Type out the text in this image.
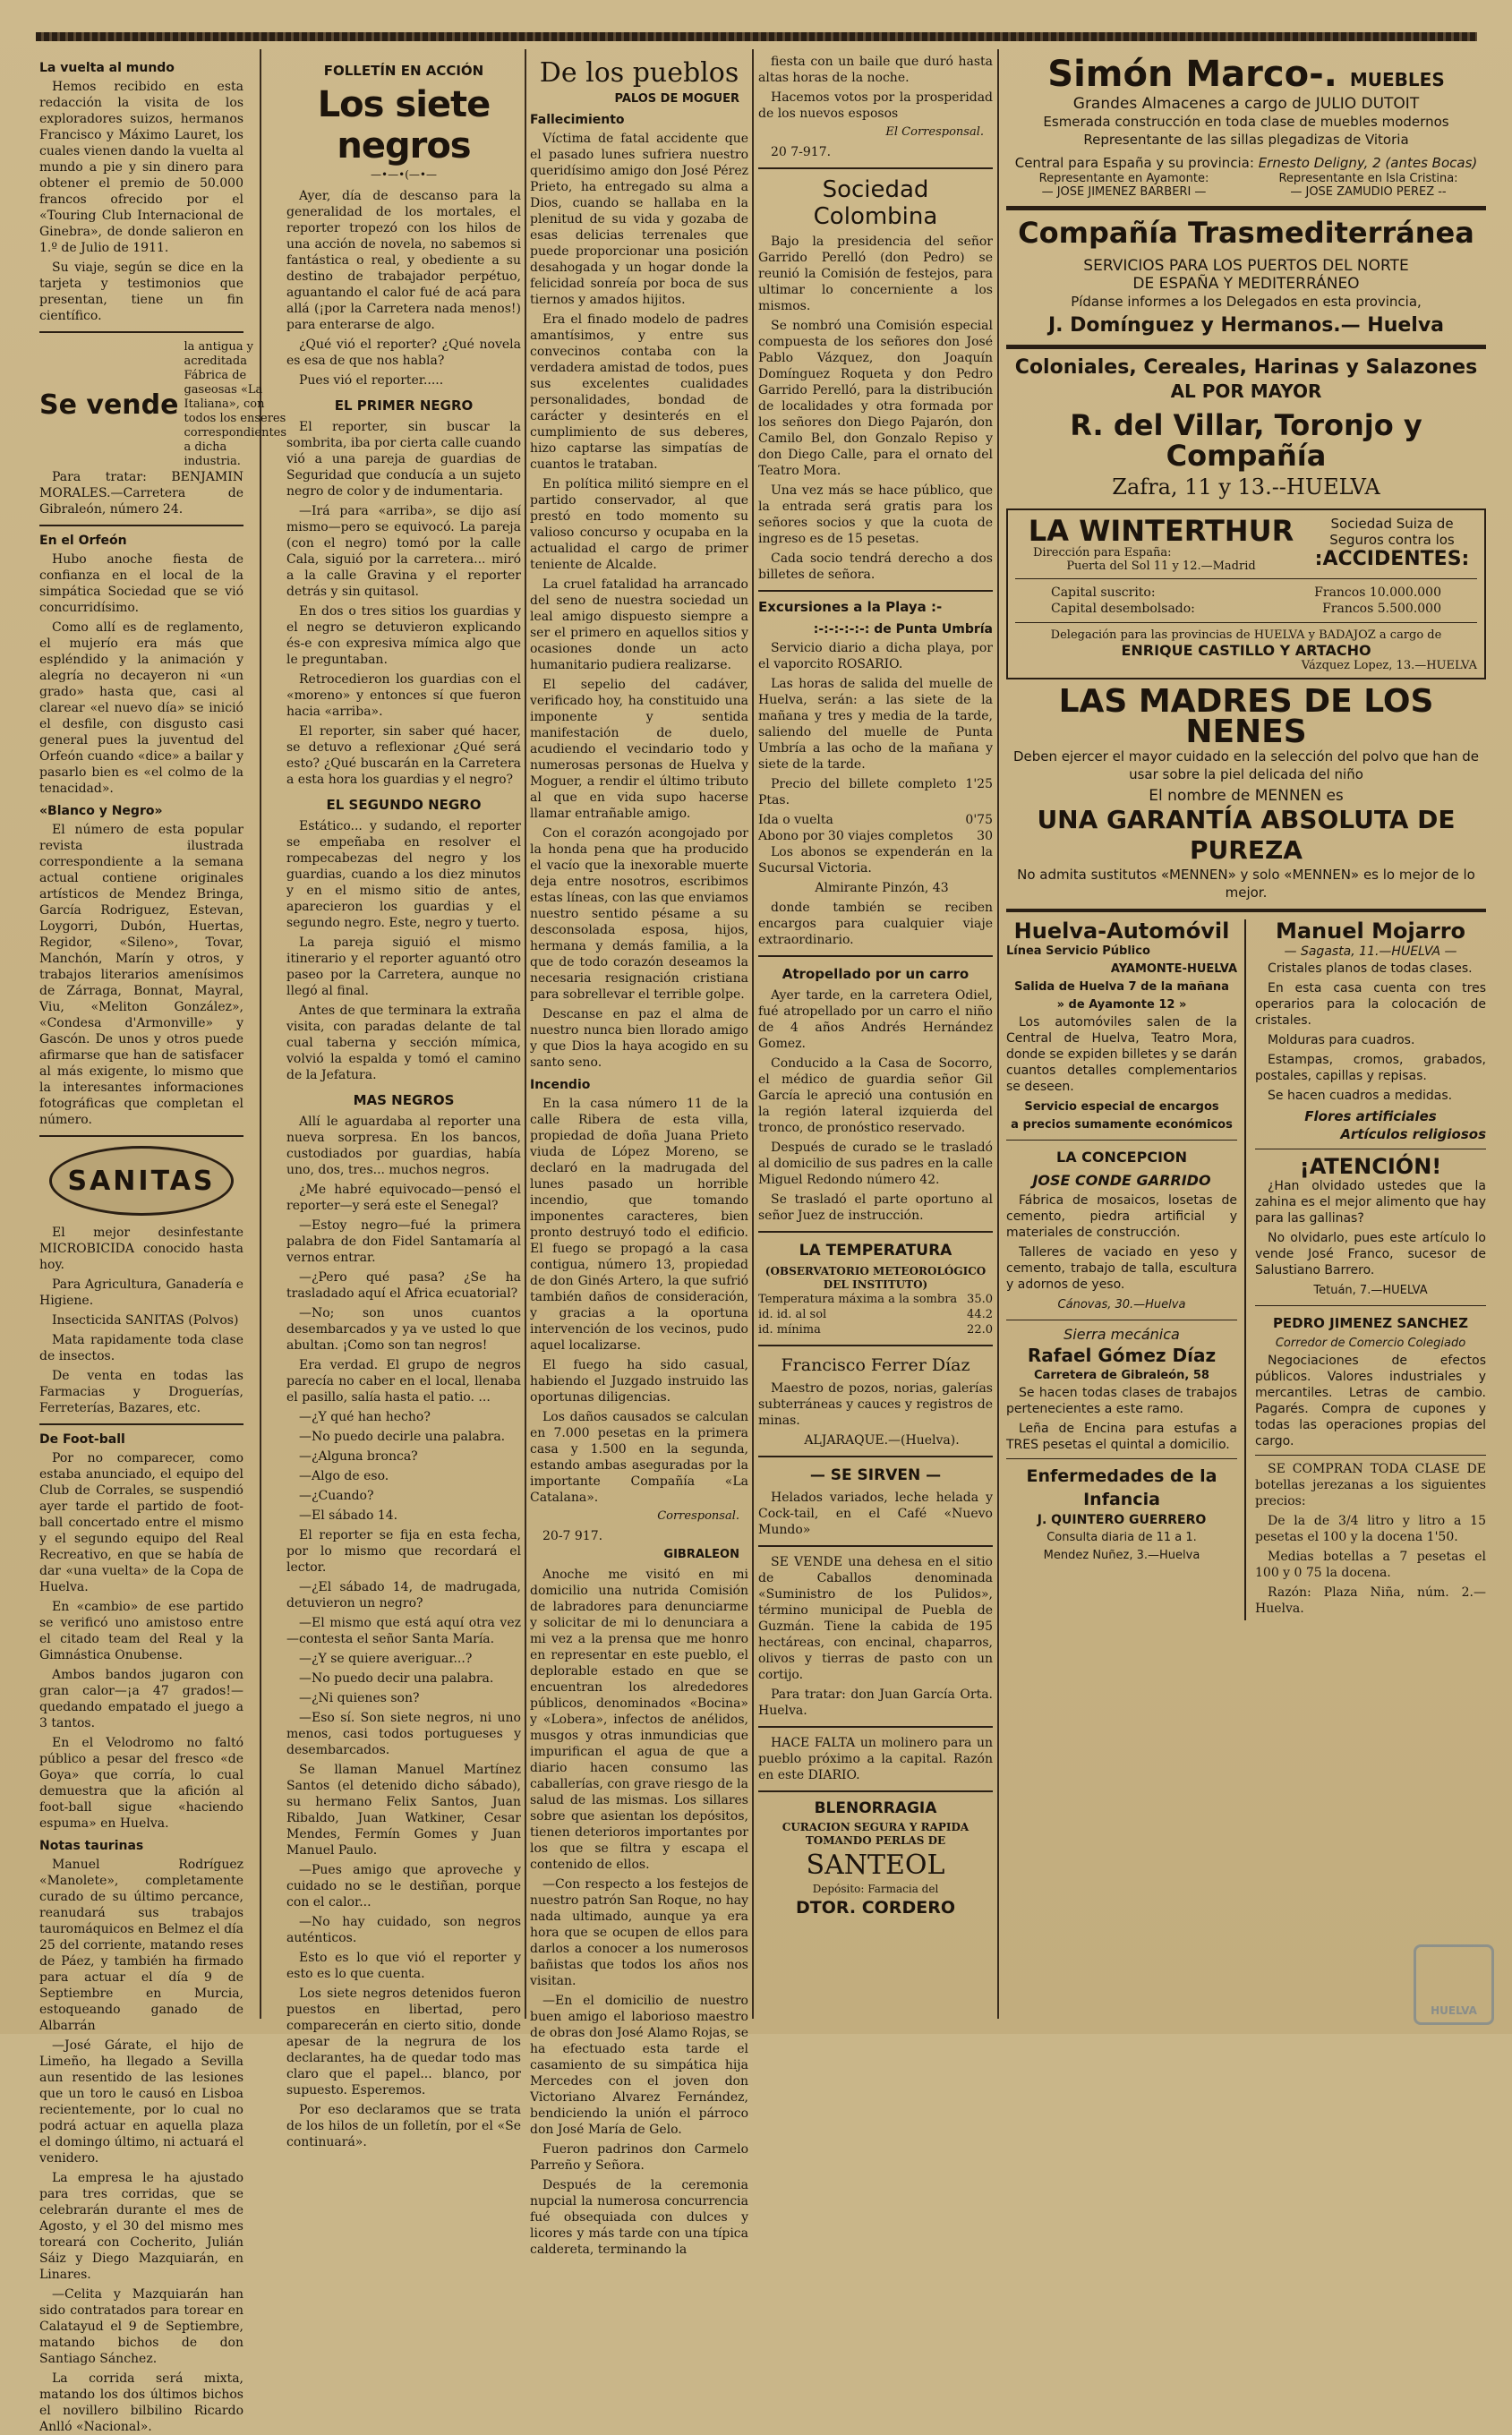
La vuelta al mundo

Hemos recibido en esta redacción la visita de los exploradores suizos, hermanos Francisco y Máximo Lauret, los cuales vienen dando la vuelta al mundo a pie y sin dinero para obtener el premio de 50.000 francos ofrecido por el «Touring Club Internacional de Ginebra», de donde salieron en 1.º de Julio de 1911.

Su viaje, según se dice en la tarjeta y testimonios que presentan, tiene un fin científico.

Se vende
la antigua y acreditada Fábrica de gaseosas «La Italiana», con todos los enseres correspondientes a dicha industria.

Para tratar: BENJAMIN MORALES.—Carretera de Gibraleón, número 24.

En el Orfeón

Hubo anoche fiesta de confianza en el local de la simpática Sociedad que se vió concurridísimo.

Como allí es de reglamento, el mujerío era más que espléndido y la animación y alegría no decayeron ni «un grado» hasta que, casi al clarear «el nuevo día» se inició el desfile, con disgusto casi general pues la juventud del Orfeón cuando «dice» a bailar y pasarlo bien es «el colmo de la tenacidad».

«Blanco y Negro»

El número de esta popular revista ilustrada correspondiente a la semana actual contiene originales artísticos de Mendez Bringa, García Rodriguez, Estevan, Loygorri, Dubón, Huertas, Regidor, «Sileno», Tovar, Manchón, Marín y otros, y trabajos literarios amenísimos de Zárraga, Bonnat, Mayral, Viu, «Meliton González», «Condesa d'Armonville» y Gascón. De unos y otros puede afirmarse que han de satisfacer al más exigente, lo mismo que la interesantes informaciones fotográficas que completan el número.

SANITAS

El mejor desinfestante MICROBICIDA conocido hasta hoy.

Para Agricultura, Ganadería e Higiene.

Insecticida SANITAS (Polvos)

Mata rapidamente toda clase de insectos.

De venta en todas las Farmacias y Droguerías, Ferreterías, Bazares, etc.

De Foot-ball

Por no comparecer, como estaba anunciado, el equipo del Club de Corrales, se suspendió ayer tarde el partido de foot-ball concertado entre el mismo y el segundo equipo del Real Recreativo, en que se había de dar «una vuelta» de la Copa de Huelva.

En «cambio» de ese partido se verificó uno amistoso entre el citado team del Real y la Gimnástica Onubense.

Ambos bandos jugaron con gran calor—¡a 47 grados!—quedando empatado el juego a 3 tantos.

En el Velodromo no faltó público a pesar del fresco «de Goya» que corría, lo cual demuestra que la afición al foot-ball sigue «haciendo espuma» en Huelva.

Notas taurinas

Manuel Rodríguez «Manolete», completamente curado de su último percance, reanudará sus trabajos tauromáquicos en Belmez el día 25 del corriente, matando reses de Páez, y también ha firmado para actuar el día 9 de Septiembre en Murcia, estoqueando ganado de Albarrán

—José Gárate, el hijo de Limeño, ha llegado a Sevilla aun resentido de las lesiones que un toro le causó en Lisboa recientemente, por lo cual no podrá actuar en aquella plaza el domingo último, ni actuará el venidero.

La empresa le ha ajustado para tres corridas, que se celebrarán durante el mes de Agosto, y el 30 del mismo mes toreará con Cocherito, Julián Sáiz y Diego Mazquiarán, en Linares.

—Celita y Mazquiarán han sido contratados para torear en Calatayud el 9 de Septiembre, matando bichos de don Santiago Sánchez.

La corrida será mixta, matando los dos últimos bichos el novillero bilbilino Ricardo Anlló «Nacional».

FOLLETÍN EN ACCIÓN
Los siete negros
—•—•(—•—

Ayer, día de descanso para la generalidad de los mortales, el reporter tropezó con los hilos de una acción de novela, no sabemos si fantástica o real, y obediente a su destino de trabajador perpétuo, aguantando el calor fué de acá para allá (¡por la Carretera nada menos!) para enterarse de algo.

¿Qué vió el reporter? ¿Qué novela es esa de que nos habla?

Pues vió el reporter.....

EL PRIMER NEGRO

El reporter, sin buscar la sombrita, iba por cierta calle cuando vió a una pareja de guardias de Seguridad que conducía a un sujeto negro de color y de indumentaria.

—Irá para «arriba», se dijo así mismo—pero se equivocó. La pareja (con el negro) tomó por la calle Cala, siguió por la carretera... miró a la calle Gravina y el reporter detrás y sin quitasol.

En dos o tres sitios los guardias y el negro se detuvieron explicando és-e con expresiva mímica algo que le preguntaban.

Retrocedieron los guardias con el «moreno» y entonces sí que fueron hacia «arriba».

El reporter, sin saber qué hacer, se detuvo a reflexionar ¿Qué será esto? ¿Qué buscarán en la Carretera a esta hora los guardias y el negro?

EL SEGUNDO NEGRO

Estático... y sudando, el reporter se empeñaba en resolver el rompecabezas del negro y los guardias, cuando a los diez minutos y en el mismo sitio de antes, aparecieron los guardias y el segundo negro. Este, negro y tuerto.

La pareja siguió el mismo itinerario y el reporter aguantó otro paseo por la Carretera, aunque no llegó al final.

Antes de que terminara la extraña visita, con paradas delante de tal cual taberna y sección mímica, volvió la espalda y tomó el camino de la Jefatura.

MAS NEGROS

Allí le aguardaba al reporter una nueva sorpresa. En los bancos, custodiados por guardias, había uno, dos, tres... muchos negros.

¿Me habré equivocado—pensó el reporter—y será este el Senegal?

—Estoy negro—fué la primera palabra de don Fidel Santamaría al vernos entrar.

—¿Pero qué pasa? ¿Se ha trasladado aquí el Africa ecuatorial?

—No; son unos cuantos desembarcados y ya ve usted lo que abultan. ¡Como son tan negros!

Era verdad. El grupo de negros parecía no caber en el local, llenaba el pasillo, salía hasta el patio. ...

—¿Y qué han hecho?

—No puedo decirle una palabra.

—¿Alguna bronca?

—Algo de eso.

—¿Cuando?

—El sábado 14.

El reporter se fija en esta fecha, por lo mismo que recordará el lector.

—¿El sábado 14, de madrugada, detuvieron un negro?

—El mismo que está aquí otra vez—contesta el señor Santa María.

—¿Y se quiere averiguar...?

—No puedo decir una palabra.

—¿Ni quienes son?

—Eso sí. Son siete negros, ni uno menos, casi todos portugueses y desembarcados.

Se llaman Manuel Martínez Santos (el detenido dicho sábado), su hermano Felix Santos, Juan Ribaldo, Juan Watkiner, Cesar Mendes, Fermín Gomes y Juan Manuel Paulo.

—Pues amigo que aproveche y cuidado no se le destiñan, porque con el calor...

—No hay cuidado, son negros auténticos.

Esto es lo que vió el reporter y esto es lo que cuenta.

Los siete negros detenidos fueron puestos en libertad, pero comparecerán en cierto sitio, donde apesar de la negrura de los declarantes, ha de quedar todo mas claro que el papel... blanco, por supuesto. Esperemos.

Por eso declaramos que se trata de los hilos de un folletín, por el «Se continuará».

De los pueblos
PALOS DE MOGUER
Fallecimiento

Víctima de fatal accidente que el pasado lunes sufriera nuestro queridísimo amigo don José Pérez Prieto, ha entregado su alma a Dios, cuando se hallaba en la plenitud de su vida y gozaba de esas delicias terrenales que puede proporcionar una posición desahogada y un hogar donde la felicidad sonreía por boca de sus tiernos y amados hijitos.

Era el finado modelo de padres amantísimos, y entre sus convecinos contaba con la verdadera amistad de todos, pues sus excelentes cualidades personalidades, bondad de carácter y desinterés en el cumplimiento de sus deberes, hizo captarse las simpatías de cuantos le trataban.

En política militó siempre en el partido conservador, al que prestó en todo momento su valioso concurso y ocupaba en la actualidad el cargo de primer teniente de Alcalde.

La cruel fatalidad ha arrancado del seno de nuestra sociedad un leal amigo dispuesto siempre a ser el primero en aquellos sitios y ocasiones donde un acto humanitario pudiera realizarse.

El sepelio del cadáver, verificado hoy, ha constituido una imponente y sentida manifestación de duelo, acudiendo el vecindario todo y numerosas personas de Huelva y Moguer, a rendir el último tributo al que en vida supo hacerse llamar entrañable amigo.

Con el corazón acongojado por la honda pena que ha producido el vacío que la inexorable muerte deja entre nosotros, escribimos estas líneas, con las que enviamos nuestro sentido pésame a su desconsolada esposa, hijos, hermana y demás familia, a la que de todo corazón deseamos la necesaria resignación cristiana para sobrellevar el terrible golpe.

Descanse en paz el alma de nuestro nunca bien llorado amigo y que Dios la haya acogido en su santo seno.

Incendio

En la casa número 11 de la calle Ribera de esta villa, propiedad de doña Juana Prieto viuda de López Moreno, se declaró en la madrugada del lunes pasado un horrible incendio, que tomando imponentes caracteres, bien pronto destruyó todo el edificio. El fuego se propagó a la casa contigua, número 13, propiedad de don Ginés Artero, la que sufrió también daños de consideración, y gracias a la oportuna intervención de los vecinos, pudo aquel localizarse.

El fuego ha sido casual, habiendo el Juzgado instruido las oportunas diligencias.

Los daños causados se calculan en 7.000 pesetas en la primera casa y 1.500 en la segunda, estando ambas aseguradas por la importante Compañía «La Catalana».

Corresponsal.

20-7 917.

GIBRALEON

Anoche me visitó en mi domicilio una nutrida Comisión de labradores para denunciarme y solicitar de mi lo denunciara a mi vez a la prensa que me honro en representar en este pueblo, el deplorable estado en que se encuentran los alrededores públicos, denominados «Bocina» y «Lobera», infectos de anélidos, musgos y otras inmundicias que impurifican el agua de que a diario hacen consumo las caballerías, con grave riesgo de la salud de las mismas. Los sillares sobre que asientan los depósitos, tienen deterioros importantes por los que se filtra y escapa el contenido de ellos.

—Con respecto a los festejos de nuestro patrón San Roque, no hay nada ultimado, aunque ya era hora que se ocupen de ellos para darlos a conocer a los numerosos bañistas que todos los años nos visitan.

—En el domicilio de nuestro buen amigo el laborioso maestro de obras don José Alamo Rojas, se ha efectuado esta tarde el casamiento de su simpática hija Mercedes con el joven don Victoriano Alvarez Fernández, bendiciendo la unión el párroco don José María de Gelo.

Fueron padrinos don Carmelo Parreño y Señora.

Después de la ceremonia nupcial la numerosa concurrencia fué obsequiada con dulces y licores y más tarde con una típica caldereta, terminando la

fiesta con un baile que duró hasta altas horas de la noche.

Hacemos votos por la prosperidad de los nuevos esposos

El Corresponsal.

20 7-917.

Sociedad Colombina

Bajo la presidencia del señor Garrido Perelló (don Pedro) se reunió la Comisión de festejos, para ultimar lo concerniente a los mismos.

Se nombró una Comisión especial compuesta de los señores don José Pablo Vázquez, don Joaquín Domínguez Roqueta y don Pedro Garrido Perelló, para la distribución de localidades y otra formada por los señores don Diego Pajarón, don Camilo Bel, don Gonzalo Repiso y don Diego Calle, para el ornato del Teatro Mora.

Una vez más se hace público, que la entrada será gratis para los señores socios y que la cuota de ingreso es de 15 pesetas.

Cada socio tendrá derecho a dos billetes de señora.

Excursiones a la Playa :-
:-:-:-:-:-: de Punta Umbría

Servicio diario a dicha playa, por el vaporcito ROSARIO.

Las horas de salida del muelle de Huelva, serán: a las siete de la mañana y tres y media de la tarde, saliendo del muelle de Punta Umbría a las ocho de la mañana y siete de la tarde.

Precio del billete completo 1'25 Ptas.

Ida o vuelta	0'75
Abono por 30 viajes completos 30

Los abonos se expenderán en la Sucursal Victoria.

Almirante Pinzón, 43

donde también se reciben encargos para cualquier viaje extraordinario.

Atropellado por un carro

Ayer tarde, en la carretera Odiel, fué atropellado por un carro el niño de 4 años Andrés Hernández Gomez.

Conducido a la Casa de Socorro, el médico de guardia señor Gil García le apreció una contusión en la región lateral izquierda del tronco, de pronóstico reservado.

Después de curado se le trasladó al domicilio de sus padres en la calle Miguel Redondo número 42.

Se trasladó el parte oportuno al señor Juez de instrucción.

LA TEMPERATURA
(OBSERVATORIO METEOROLÓGICO DEL INSTITUTO)
Temperatura máxima a la sombra 35.0
id. id. al sol	44.2
id. mínima	22.0
Francisco Ferrer Díaz

Maestro de pozos, norias, galerías subterráneas y cauces y registros de minas.

ALJARAQUE.—(Huelva).

— SE SIRVEN —

Helados variados, leche helada y Cock-tail, en el Café «Nuevo Mundo»

SE VENDE una dehesa en el sitio de Caballos denominada «Suministro de los Pulidos», término municipal de Puebla de Guzmán. Tiene la cabida de 195 hectáreas, con encinal, chaparros, olivos y tierras de pasto con un cortijo.

Para tratar: don Juan García Orta. Huelva.

HACE FALTA un molinero para un pueblo próximo a la capital. Razón en este DIARIO.

BLENORRAGIA
CURACION SEGURA Y RAPIDA
TOMANDO PERLAS DE
SANTEOL
Depósito: Farmacia del
DTOR. CORDERO
Simón Marco-. MUEBLES
Grandes Almacenes a cargo de JULIO DUTOIT
Esmerada construcción en toda clase de muebles modernos
Representante de las sillas plegadizas de Vitoria
Central para España y su provincia: Ernesto Deligny, 2 (antes Bocas)
Representante en Ayamonte:
— JOSE JIMENEZ BARBERI —
Representante en Isla Cristina:
— JOSE ZAMUDIO PEREZ --
Compañía Trasmediterránea
SERVICIOS PARA LOS PUERTOS DEL NORTE
DE ESPAÑA Y MEDITERRÁNEO
Pídanse informes a los Delegados en esta provincia,
J. Domínguez y Hermanos.— Huelva
Coloniales, Cereales, Harinas y Salazones
AL POR MAYOR
R. del Villar, Toronjo y Compañía
Zafra, 11 y 13.--HUELVA
LA WINTERTHUR
Dirección para España:
Puerta del Sol 11 y 12.—Madrid
Sociedad Suiza de Seguros contra los
:ACCIDENTES:
Capital suscrito:	Francos 10.000.000
Capital desembolsado:	Francos 5.500.000
Delegación para las provincias de HUELVA y BADAJOZ a cargo de
ENRIQUE CASTILLO Y ARTACHO
Vázquez Lopez, 13.—HUELVA
LAS MADRES DE LOS NENES
Deben ejercer el mayor cuidado en la selección del polvo que han de usar sobre la piel delicada del niño
El nombre de MENNEN es
UNA GARANTÍA ABSOLUTA DE PUREZA
No admita sustitutos «MENNEN» y solo «MENNEN» es lo mejor de lo mejor.
Huelva-Automóvil
Línea Servicio Público
AYAMONTE-HUELVA
Salida de Huelva 7 de la mañana
» de Ayamonte 12 »

Los automóviles salen de la Central de Huelva, Teatro Mora, donde se expiden billetes y se darán cuantos detalles complementarios se deseen.

Servicio especial de encargos
a precios sumamente económicos
LA CONCEPCION
JOSE CONDE GARRIDO

Fábrica de mosaicos, losetas de cemento, piedra artificial y materiales de construcción.

Talleres de vaciado en yeso y cemento, trabajo de talla, escultura y adornos de yeso.

Cánovas, 30.—Huelva
Sierra mecánica
Rafael Gómez Díaz
Carretera de Gibraleón, 58

Se hacen todas clases de trabajos pertenecientes a este ramo.

Leña de Encina para estufas a TRES pesetas el quintal a domicilio.

Enfermedades de la Infancia
J. QUINTERO GUERRERO
Consulta diaria de 11 a 1.
Mendez Nuñez, 3.—Huelva
Manuel Mojarro
— Sagasta, 11.—HUELVA —

Cristales planos de todas clases.

En esta casa cuenta con tres operarios para la colocación de cristales.

Molduras para cuadros.

Estampas, cromos, grabados, postales, capillas y repisas.

Se hacen cuadros a medidas.

Flores artificiales
Artículos religiosos
¡ATENCIÓN!

¿Han olvidado ustedes que la zahina es el mejor alimento que hay para las gallinas?

No olvidarlo, pues este artículo lo vende José Franco, sucesor de Salustiano Barrero.

Tetuán, 7.—HUELVA
PEDRO JIMENEZ SANCHEZ
Corredor de Comercio Colegiado

Negociaciones de efectos públicos. Valores industriales y mercantiles. Letras de cambio. Pagarés. Compra de cupones y todas las operaciones propias del cargo.

SE COMPRAN TODA CLASE DE botellas jerezanas a los siguientes precios:

De la de 3/4 litro y litro a 15 pesetas el 100 y la docena 1'50.

Medias botellas a 7 pesetas el 100 y 0 75 la docena.

Razón: Plaza Niña, núm. 2.—Huelva.

HUELVA
